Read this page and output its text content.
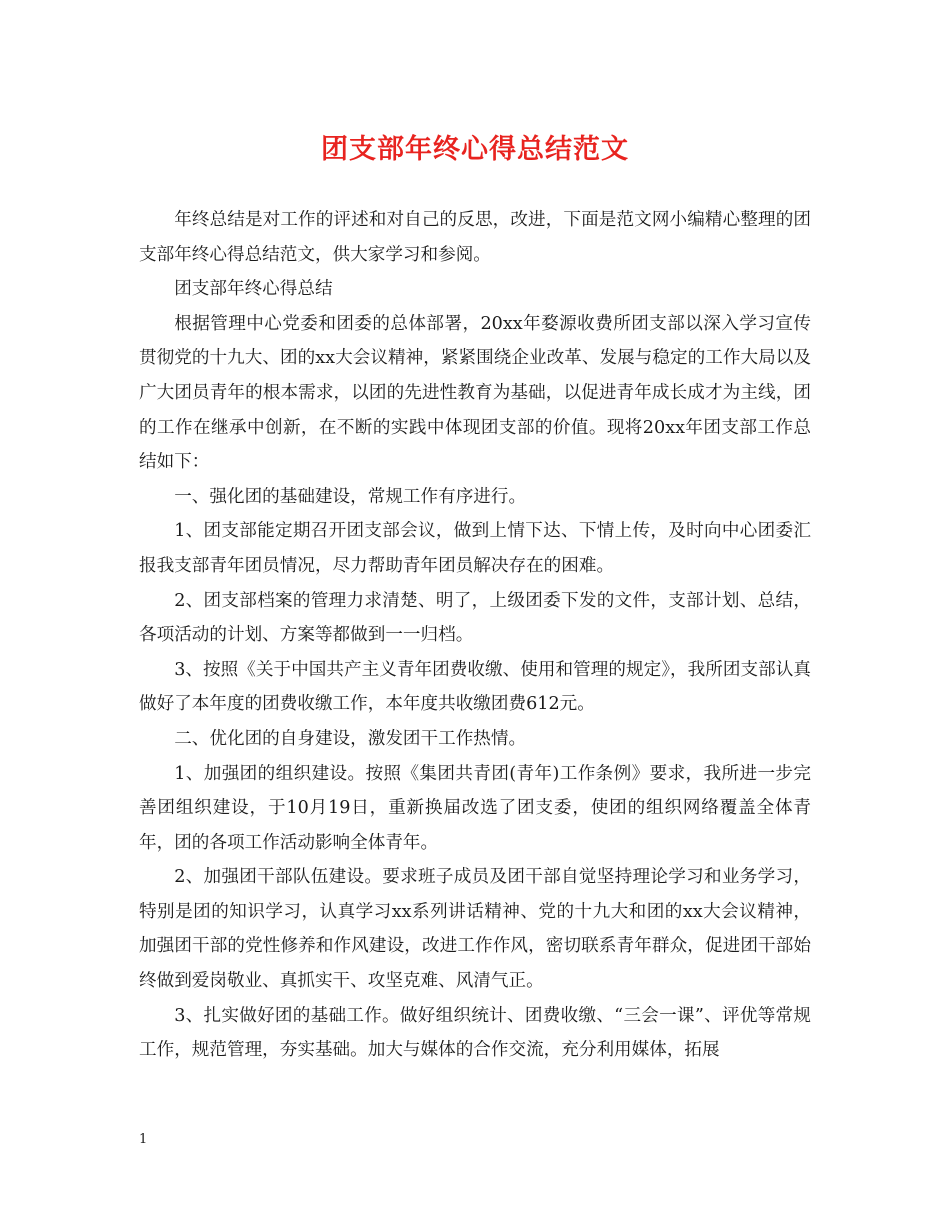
团支部年终心得总结范文

年终总结是对工作的评述和对自己的反思，改进，下面是范文网小编精心整理的团支部年终心得总结范文，供大家学习和参阅。

团支部年终心得总结

根据管理中心党委和团委的总体部署，20xx年婺源收费所团支部以深入学习宣传贯彻党的十九大、团的xx大会议精神，紧紧围绕企业改革、发展与稳定的工作大局以及广大团员青年的根本需求，以团的先进性教育为基础，以促进青年成长成才为主线，团的工作在继承中创新，在不断的实践中体现团支部的价值。现将20xx年团支部工作总结如下：

一、强化团的基础建设，常规工作有序进行。

1、团支部能定期召开团支部会议，做到上情下达、下情上传，及时向中心团委汇报我支部青年团员情况，尽力帮助青年团员解决存在的困难。

2、团支部档案的管理力求清楚、明了，上级团委下发的文件，支部计划、总结，各项活动的计划、方案等都做到一一归档。

3、按照《关于中国共产主义青年团费收缴、使用和管理的规定》，我所团支部认真做好了本年度的团费收缴工作，本年度共收缴团费612元。

二、优化团的自身建设，激发团干工作热情。

1、加强团的组织建设。按照《集团共青团(青年)工作条例》要求，我所进一步完善团组织建设，于10月19日，重新换届改选了团支委，使团的组织网络覆盖全体青年，团的各项工作活动影响全体青年。

2、加强团干部队伍建设。要求班子成员及团干部自觉坚持理论学习和业务学习，特别是团的知识学习，认真学习xx系列讲话精神、党的十九大和团的xx大会议精神，加强团干部的党性修养和作风建设，改进工作作风，密切联系青年群众，促进团干部始终做到爱岗敬业、真抓实干、攻坚克难、风清气正。

3、扎实做好团的基础工作。做好组织统计、团费收缴、“三会一课”、评优等常规工作，规范管理，夯实基础。加大与媒体的合作交流，充分利用媒体，拓展

1
